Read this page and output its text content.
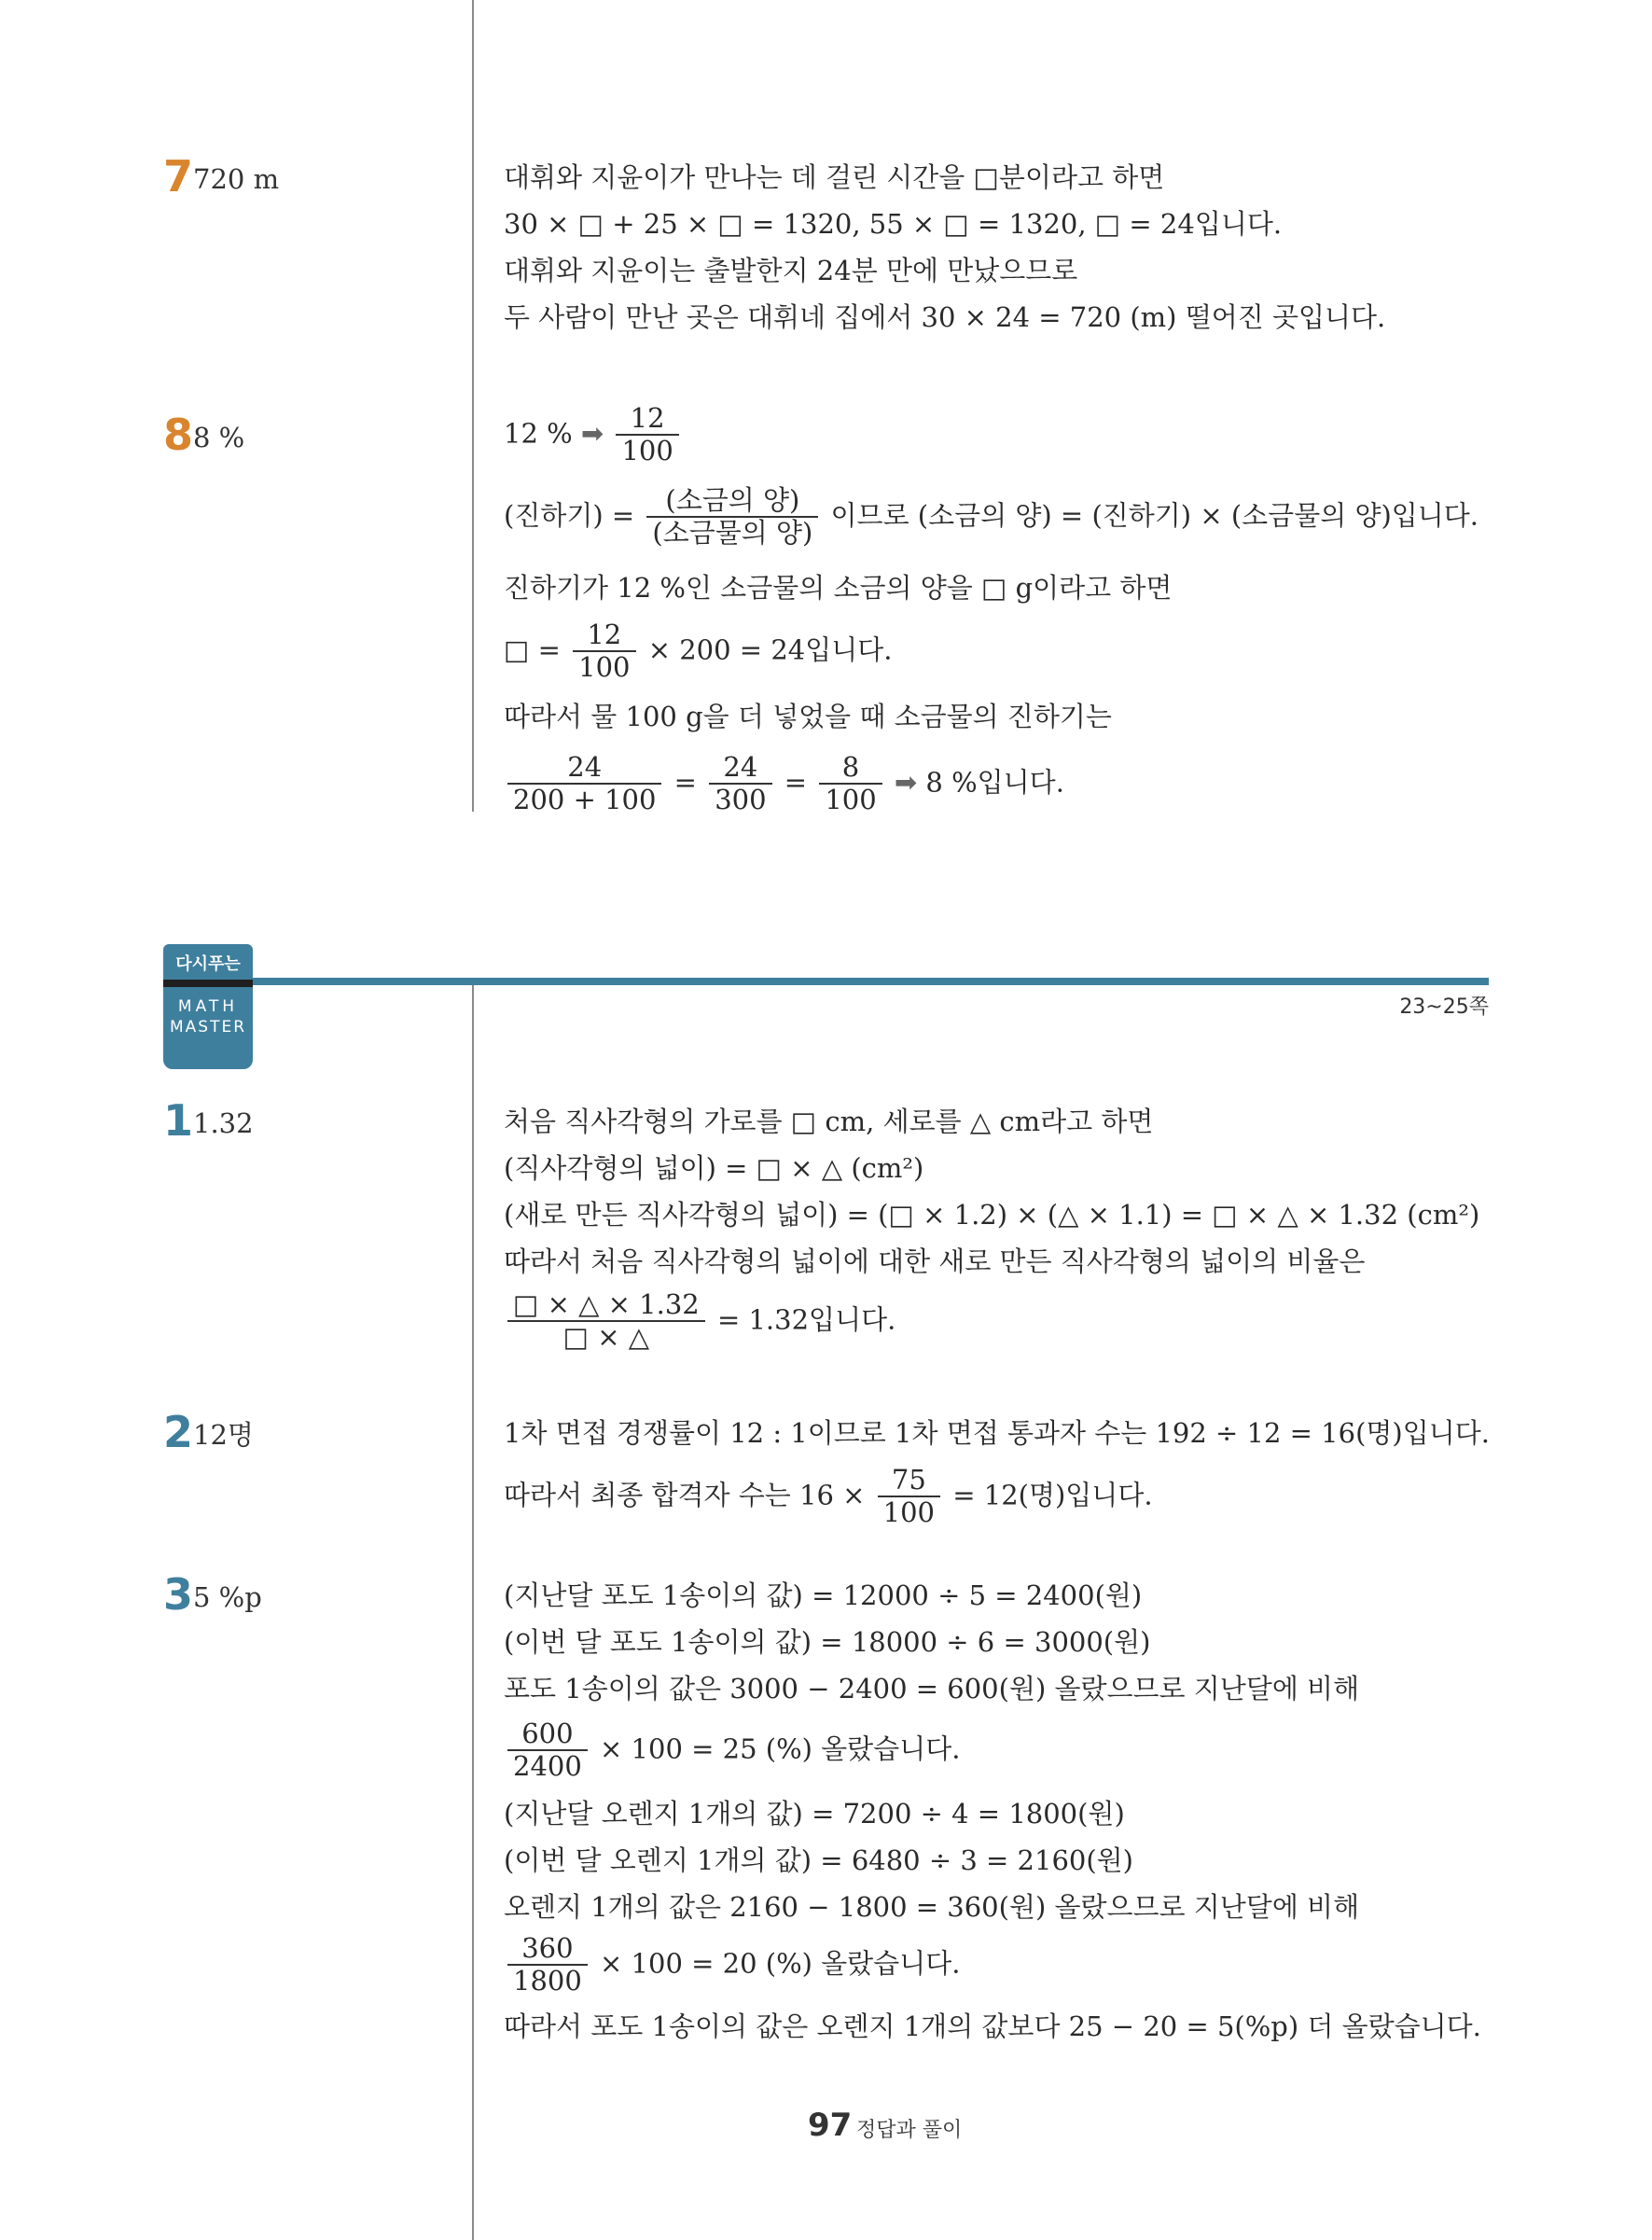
7 720 m	대휘와 지윤이가 만나는 데 걸린 시간을 □분이라고 하면
30 × □ + 25 × □ = 1320, 55 × □ = 1320, □ = 24입니다.
대휘와 지윤이는 출발한지 24분 만에 만났으므로
두 사람이 만난 곳은 대휘네 집에서 30 × 24 = 720 (m) 떨어진 곳입니다.
8 8 %	12 % ➡ $\frac{12}{100}$
(진하기) = $\frac{\text{(소금의 양)}}{\text{(소금물의 양)}}$ 이므로 (소금의 양) = (진하기) × (소금물의 양)입니다.
진하기가 12 %인 소금물의 소금의 양을 □ g이라고 하면
□ = $\frac{12}{100} \times 200 = 24$입니다.
따라서 물 100 g을 더 넣었을 때 소금물의 진하기는
$\frac{24}{200 + 100} = \frac{24}{300} = \frac{8}{100}$ ➡ 8 %입니다.
다시푸는
MATH
MASTER
23~25쪽
1 1.32	처음 직사각형의 가로를 □ cm, 세로를 △ cm라고 하면
(직사각형의 넓이) = □ × △ (cm²)
(새로 만든 직사각형의 넓이) = (□ × 1.2) × (△ × 1.1) = □ × △ × 1.32 (cm²)
따라서 처음 직사각형의 넓이에 대한 새로 만든 직사각형의 넓이의 비율은
$\frac{□ \times \triangle \times 1.32}{□ \times \triangle} = 1.32$입니다.
2 12명	1차 면접 경쟁률이 12 : 1이므로 1차 면접 통과자 수는 192 ÷ 12 = 16(명)입니다.
따라서 최종 합격자 수는 $16 \times \frac{75}{100} = 12$(명)입니다.
3 5 %p	(지난달 포도 1송이의 값) = 12000 ÷ 5 = 2400(원)
(이번 달 포도 1송이의 값) = 18000 ÷ 6 = 3000(원)
포도 1송이의 값은 3000 − 2400 = 600(원) 올랐으므로 지난달에 비해
$\frac{600}{2400} \times 100 = 25$ (%) 올랐습니다.
(지난달 오렌지 1개의 값) = 7200 ÷ 4 = 1800(원)
(이번 달 오렌지 1개의 값) = 6480 ÷ 3 = 2160(원)
오렌지 1개의 값은 2160 − 1800 = 360(원) 올랐으므로 지난달에 비해
$\frac{360}{1800} \times 100 = 20$ (%) 올랐습니다.
따라서 포도 1송이의 값은 오렌지 1개의 값보다 25 − 20 = 5(%p) 더 올랐습니다.
97 정답과 풀이
